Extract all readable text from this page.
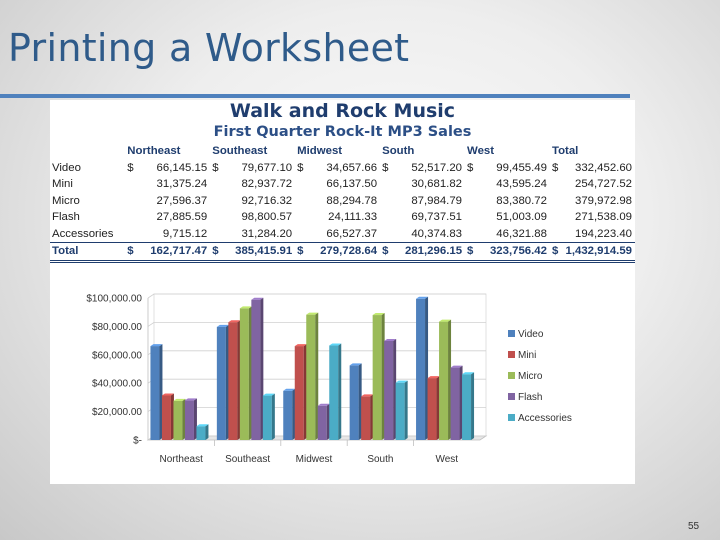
Printing a Worksheet
Walk and Rock Music
First Quarter Rock-It MP3 Sales
	Northeast	Southeast	Midwest	South	West	Total
Video	$ 66,145.15	$ 79,677.10	$ 34,657.66	$ 52,517.20	$ 99,455.49	$ 332,452.60

Mini	31,375.24	82,937.72	66,137.50	30,681.82	43,595.24	254,727.52
Micro	27,596.37	92,716.32	88,294.78	87,984.79	83,380.72	379,972.98
Flash	27,885.59	98,800.57	24,111.33	69,737.51	51,003.09	271,538.09
Accessories	9,715.12	31,284.20	66,527.37	40,374.83	46,321.88	194,223.40
Total	$ 162,717.47	$ 385,415.91	$ 279,728.64	$ 281,296.15	$ 323,756.42	$ 1,432,914.59
$-
$20,000.00
$40,000.00
$60,000.00
$80,000.00
$100,000.00
Northeast Southeast	Midwest	South	West
Video
Mini
Micro
Flash
Accessories
55
